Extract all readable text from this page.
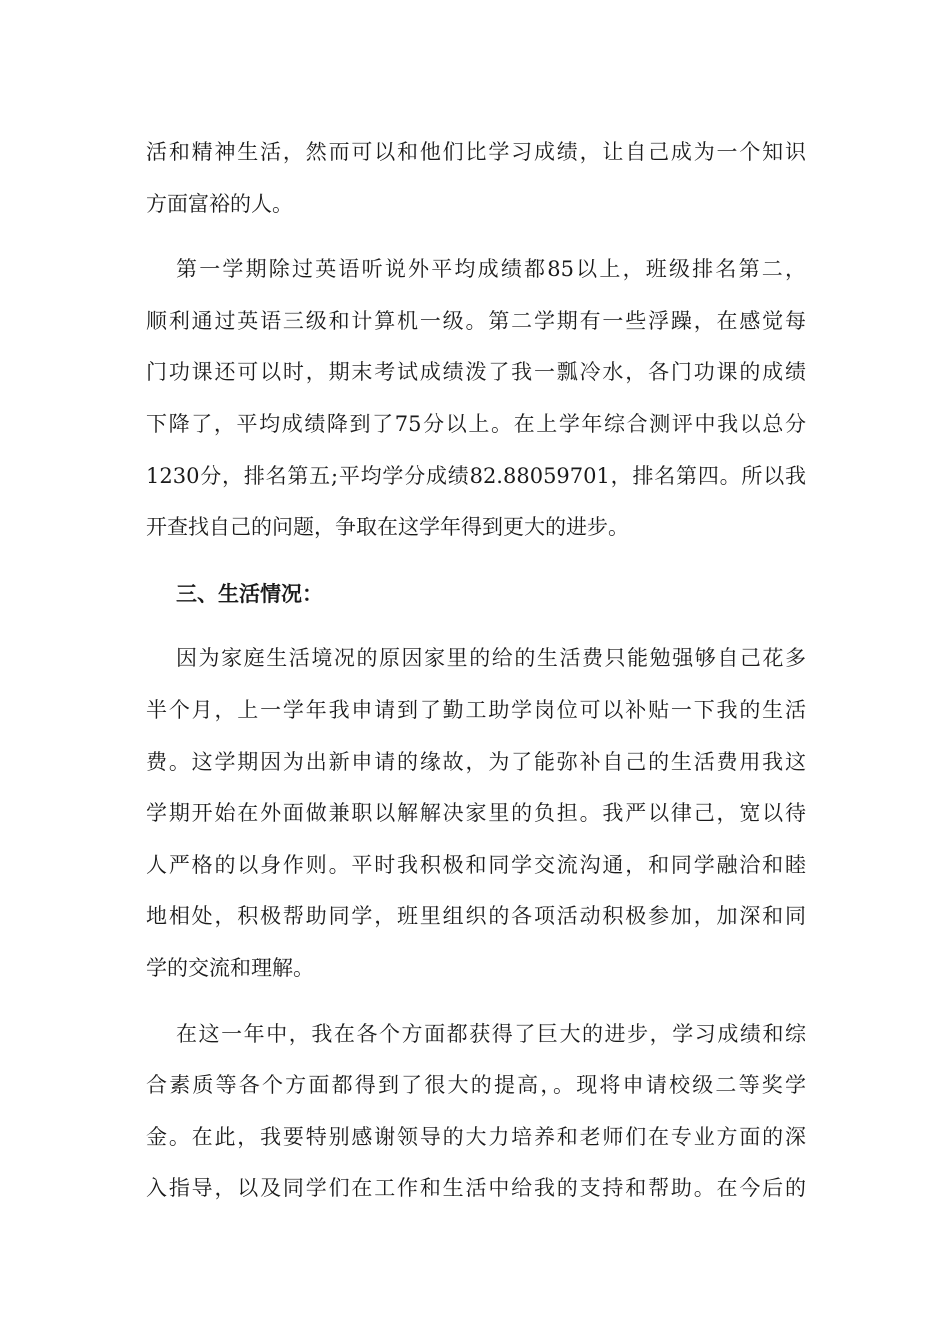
活和精神生活，然而可以和他们比学习成绩，让自己成为一个知识
方面富裕的人。
第一学期除过英语听说外平均成绩都85以上，班级排名第二，
顺利通过英语三级和计算机一级。第二学期有一些浮躁，在感觉每
门功课还可以时，期末考试成绩泼了我一瓢冷水，各门功课的成绩
下降了，平均成绩降到了75分以上。在上学年综合测评中我以总分
1230分，排名第五;平均学分成绩82.88059701，排名第四。所以我
开查找自己的问题，争取在这学年得到更大的进步。
三、生活情况：
因为家庭生活境况的原因家里的给的生活费只能勉强够自己花多
半个月，上一学年我申请到了勤工助学岗位可以补贴一下我的生活
费。这学期因为出新申请的缘故，为了能弥补自己的生活费用我这
学期开始在外面做兼职以解解决家里的负担。我严以律己，宽以待
人严格的以身作则。平时我积极和同学交流沟通，和同学融洽和睦
地相处，积极帮助同学，班里组织的各项活动积极参加，加深和同
学的交流和理解。
在这一年中，我在各个方面都获得了巨大的进步，学习成绩和综
合素质等各个方面都得到了很大的提高，。现将申请校级二等奖学
金。在此，我要特别感谢领导的大力培养和老师们在专业方面的深
入指导，以及同学们在工作和生活中给我的支持和帮助。在今后的
